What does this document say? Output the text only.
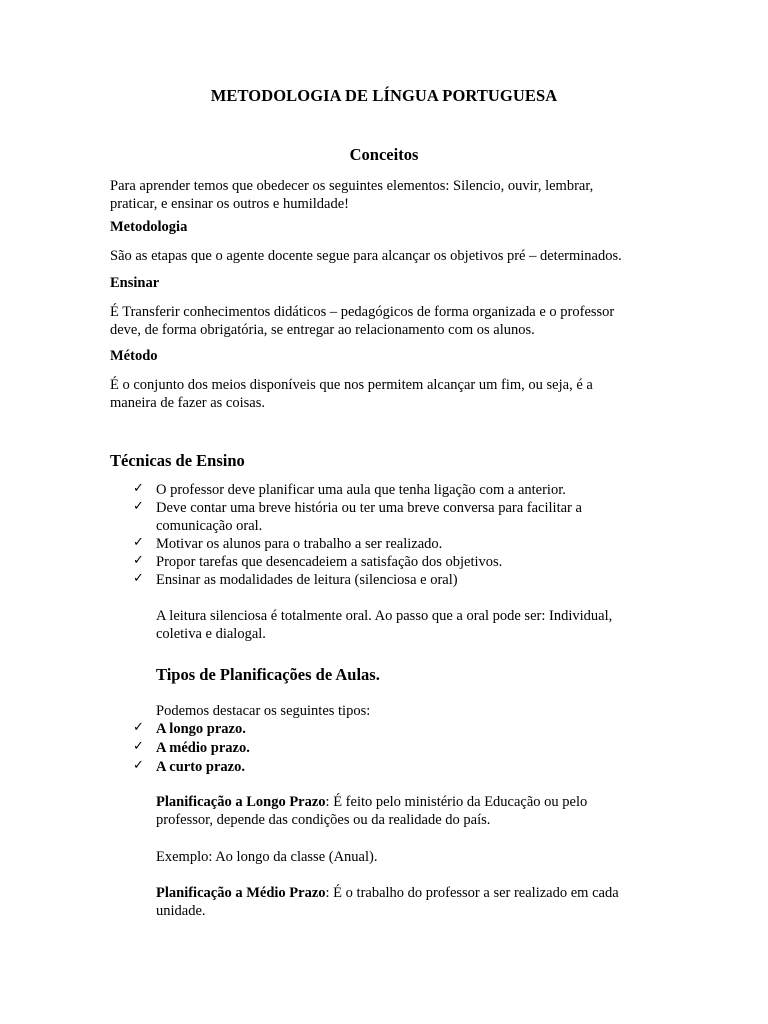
METODOLOGIA DE LÍNGUA PORTUGUESA
Conceitos
Para aprender temos que obedecer os seguintes elementos: Silencio, ouvir, lembrar,
praticar, e ensinar os outros e humildade!
Metodologia
São as etapas que o agente docente segue para alcançar os objetivos pré – determinados.
Ensinar
É Transferir conhecimentos didáticos – pedagógicos de forma organizada e o professor
deve, de forma obrigatória, se entregar ao relacionamento com os alunos.
Método
É o conjunto dos meios disponíveis que nos permitem alcançar um fim, ou seja, é a
maneira de fazer as coisas.
Técnicas de Ensino
✓ O professor deve planificar uma aula que tenha ligação com a anterior.
✓ Deve contar uma breve história ou ter uma breve conversa para facilitar a
comunicação oral.
✓ Motivar os alunos para o trabalho a ser realizado.
✓ Propor tarefas que desencadeiem a satisfação dos objetivos.
✓ Ensinar as modalidades de leitura (silenciosa e oral)
A leitura silenciosa é totalmente oral. Ao passo que a oral pode ser: Individual,
coletiva e dialogal.
Tipos de Planificações de Aulas.
Podemos destacar os seguintes tipos:
✓ A longo prazo.
✓ A médio prazo.
✓ A curto prazo.
Planificação a Longo Prazo: É feito pelo ministério da Educação ou pelo
professor, depende das condições ou da realidade do país.
Exemplo: Ao longo da classe (Anual).
Planificação a Médio Prazo: É o trabalho do professor a ser realizado em cada
unidade.
